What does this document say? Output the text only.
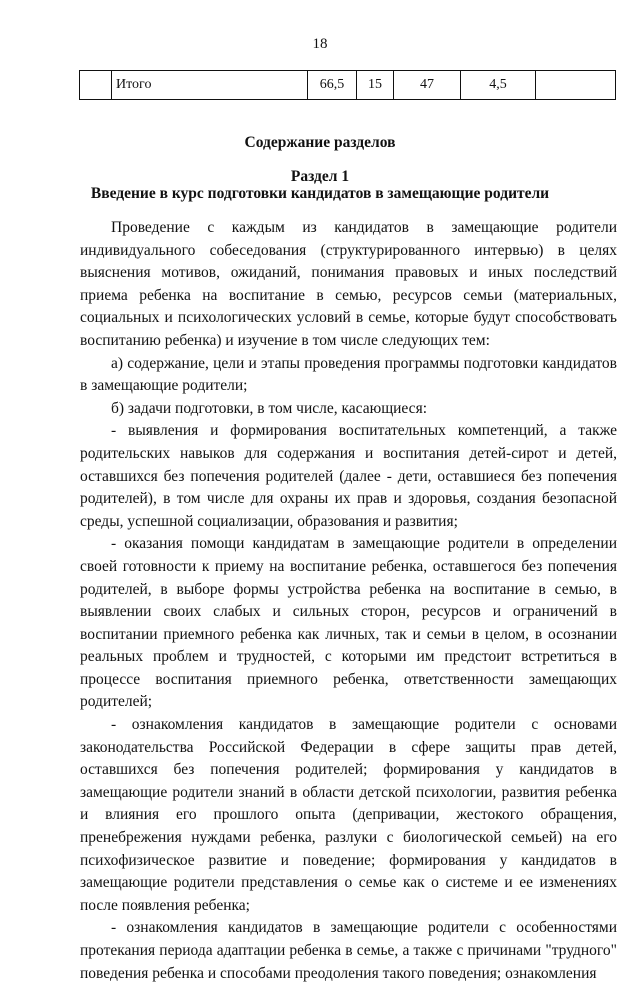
18
	Итого	66,5	15	47	4,5	
Содержание разделов
Раздел 1
Введение в курс подготовки кандидатов в замещающие родители

Проведение с каждым из кандидатов в замещающие родители индивидуального собеседования (структурированного интервью) в целях выяснения мотивов, ожиданий, понимания правовых и иных последствий приема ребенка на воспитание в семью, ресурсов семьи (материальных, социальных и психологических условий в семье, которые будут способствовать воспитанию ребенка) и изучение в том числе следующих тем:

а) содержание, цели и этапы проведения программы подготовки кандидатов в замещающие родители;

б) задачи подготовки, в том числе, касающиеся:

- выявления и формирования воспитательных компетенций, а также родительских навыков для содержания и воспитания детей-сирот и детей, оставшихся без попечения родителей (далее - дети, оставшиеся без попечения родителей), в том числе для охраны их прав и здоровья, создания безопасной среды, успешной социализации, образования и развития;

- оказания помощи кандидатам в замещающие родители в определении своей готовности к приему на воспитание ребенка, оставшегося без попечения родителей, в выборе формы устройства ребенка на воспитание в семью, в выявлении своих слабых и сильных сторон, ресурсов и ограничений в воспитании приемного ребенка как личных, так и семьи в целом, в осознании реальных проблем и трудностей, с которыми им предстоит встретиться в процессе воспитания приемного ребенка, ответственности замещающих родителей;

- ознакомления кандидатов в замещающие родители с основами законодательства Российской Федерации в сфере защиты прав детей, оставшихся без попечения родителей; формирования у кандидатов в замещающие родители знаний в области детской психологии, развития ребенка и влияния его прошлого опыта (депривации, жестокого обращения, пренебрежения нуждами ребенка, разлуки с биологической семьей) на его психофизическое развитие и поведение; формирования у кандидатов в замещающие родители представления о семье как о системе и ее изменениях после появления ребенка;

- ознакомления кандидатов в замещающие родители с особенностями протекания периода адаптации ребенка в семье, а также с причинами "трудного" поведения ребенка и способами преодоления такого поведения; ознакомления
